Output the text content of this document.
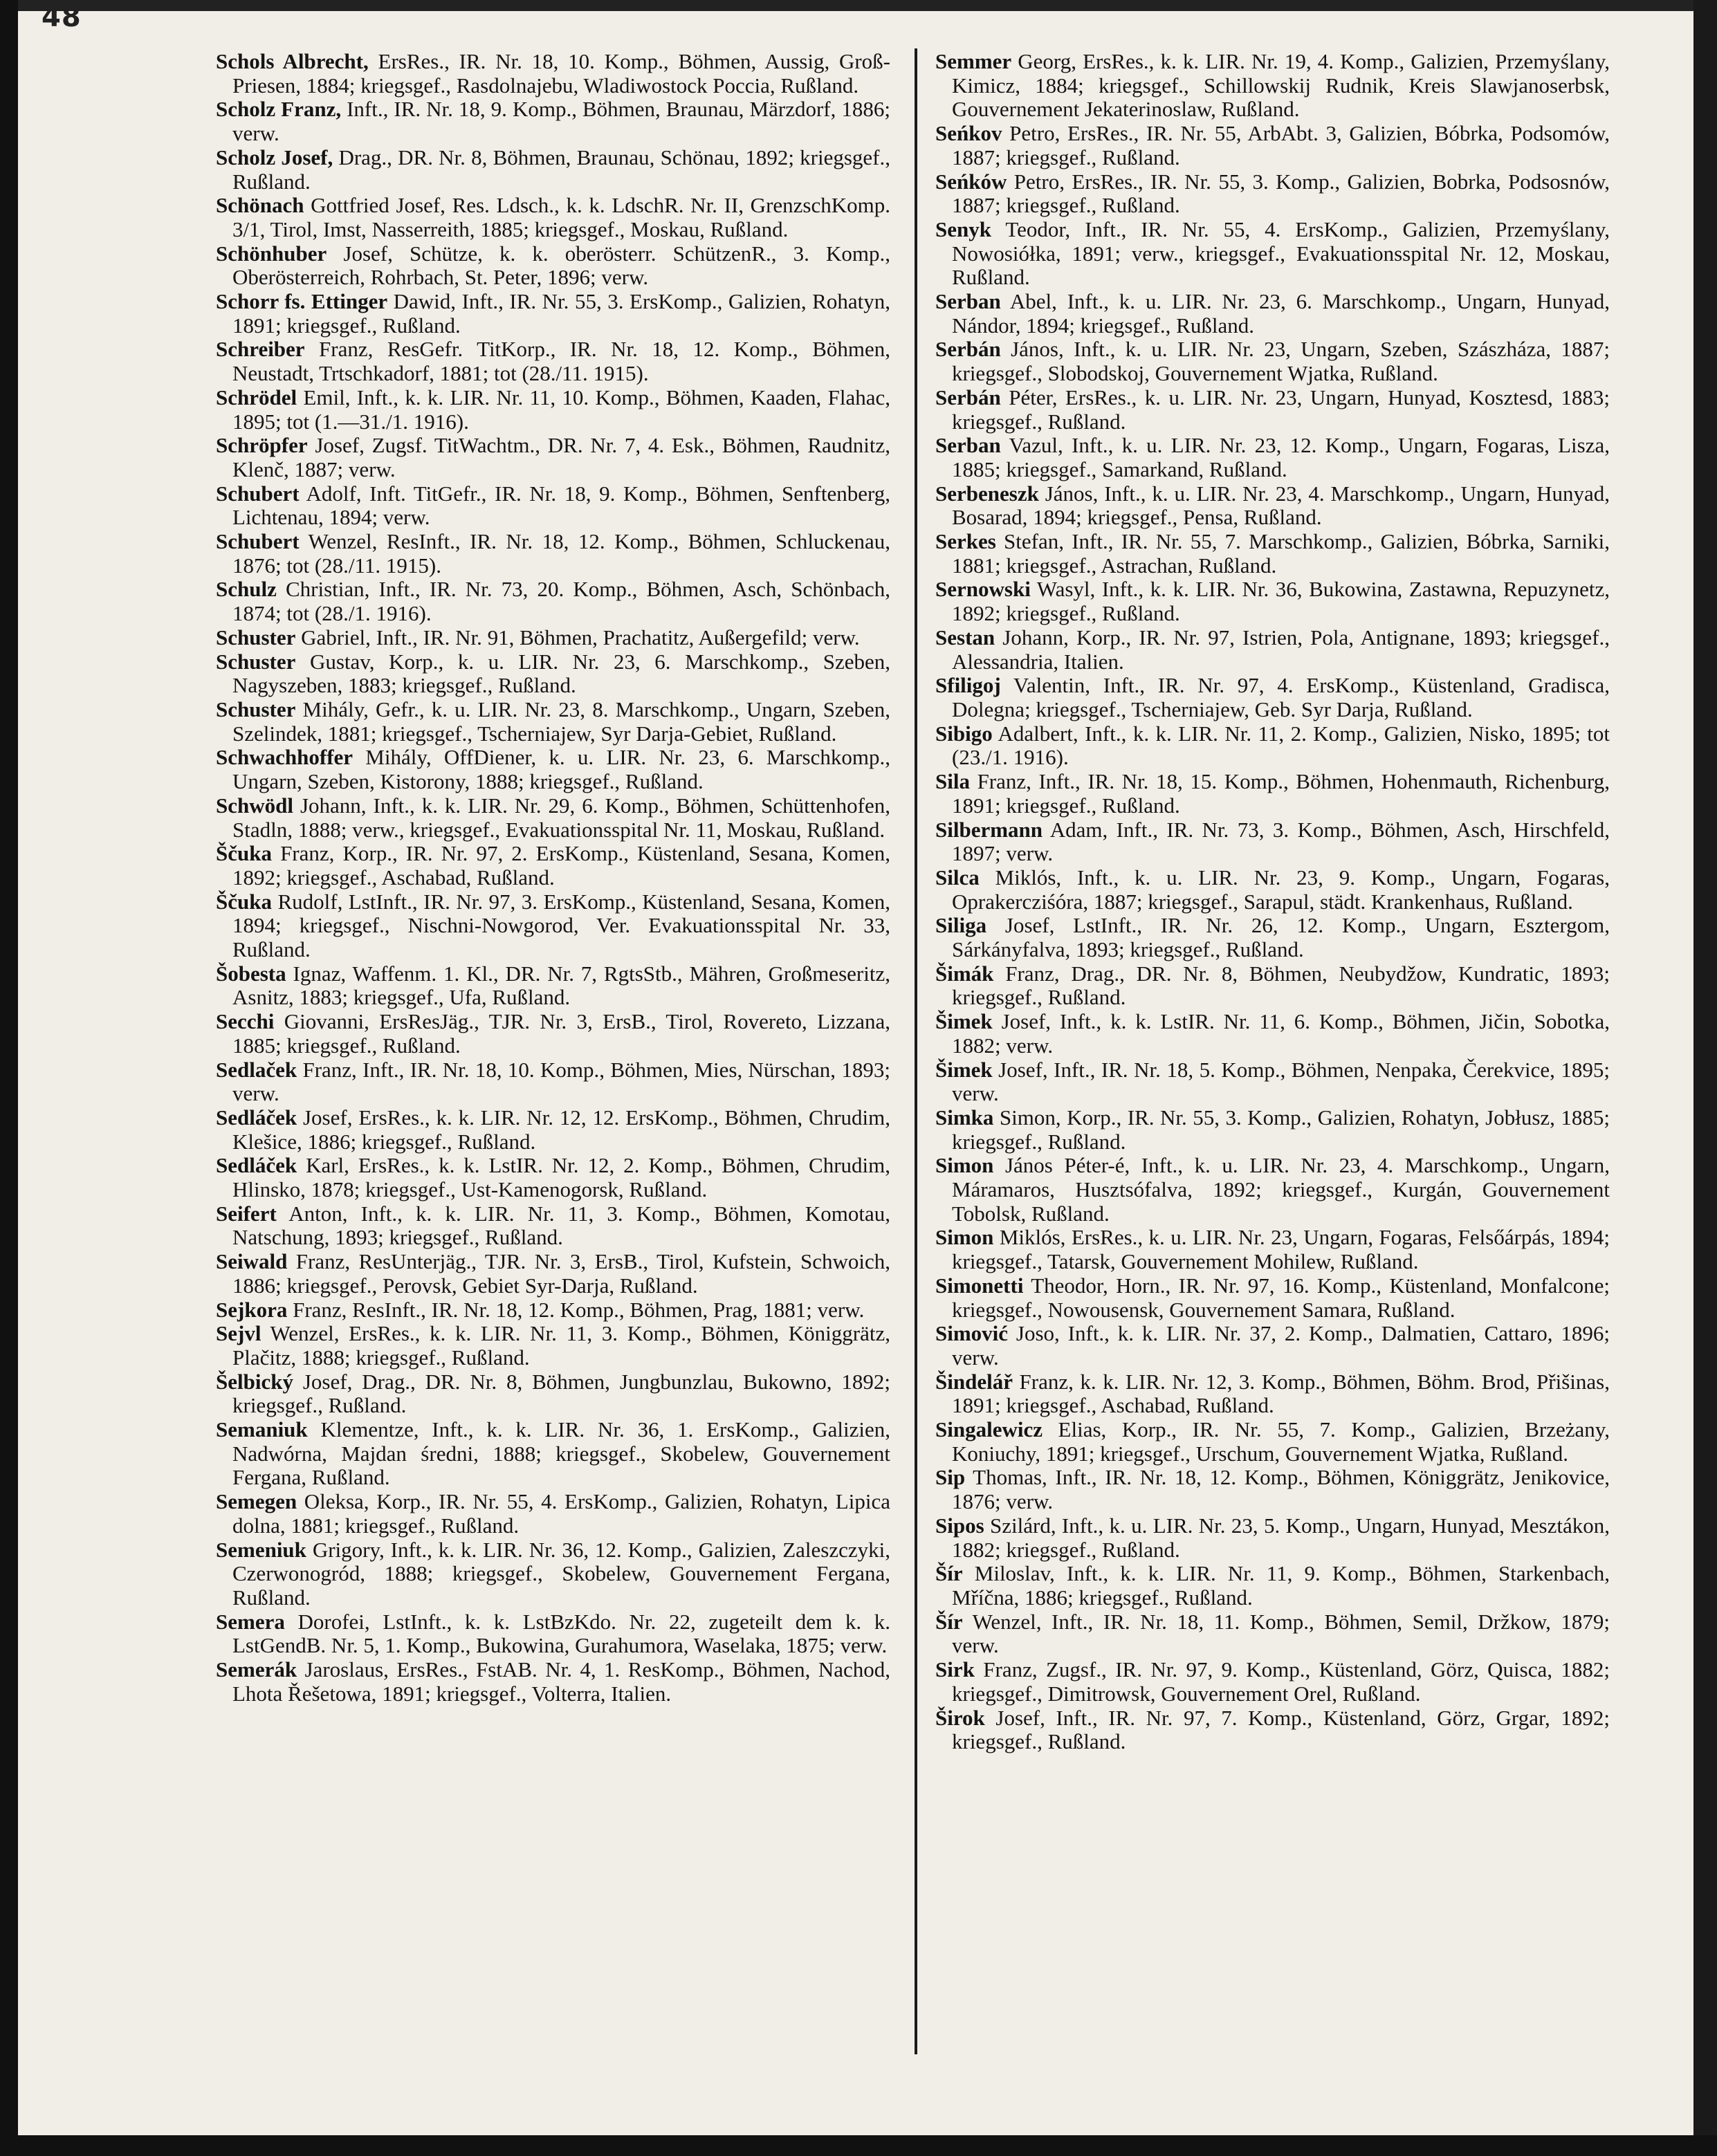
48
Schols Albrecht, ErsRes., IR. Nr. 18, 10. Komp., Böhmen, Aussig, Groß-Priesen, 1884; kriegsgef., Rasdolnajebu, Wladiwostock Poccia, Rußland.
Scholz Franz, Inft., IR. Nr. 18, 9. Komp., Böhmen, Braunau, Märzdorf, 1886; verw.
Scholz Josef, Drag., DR. Nr. 8, Böhmen, Braunau, Schönau, 1892; kriegsgef., Rußland.
Schönach Gottfried Josef, Res. Ldsch., k. k. LdschR. Nr. II, GrenzschKomp. 3/1, Tirol, Imst, Nasserreith, 1885; kriegsgef., Moskau, Rußland.
Schönhuber Josef, Schütze, k. k. oberösterr. SchützenR., 3. Komp., Oberösterreich, Rohrbach, St. Peter, 1896; verw.
Schorr fs. Ettinger Dawid, Inft., IR. Nr. 55, 3. ErsKomp., Galizien, Rohatyn, 1891; kriegsgef., Rußland.
Schreiber Franz, ResGefr. TitKorp., IR. Nr. 18, 12. Komp., Böhmen, Neustadt, Trtschkadorf, 1881; tot (28./11. 1915).
Schrödel Emil, Inft., k. k. LIR. Nr. 11, 10. Komp., Böhmen, Kaaden, Flahac, 1895; tot (1.—31./1. 1916).
Schröpfer Josef, Zugsf. TitWachtm., DR. Nr. 7, 4. Esk., Böhmen, Raudnitz, Klenč, 1887; verw.
Schubert Adolf, Inft. TitGefr., IR. Nr. 18, 9. Komp., Böhmen, Senftenberg, Lichtenau, 1894; verw.
Schubert Wenzel, ResInft., IR. Nr. 18, 12. Komp., Böhmen, Schluckenau, 1876; tot (28./11. 1915).
Schulz Christian, Inft., IR. Nr. 73, 20. Komp., Böhmen, Asch, Schönbach, 1874; tot (28./1. 1916).
Schuster Gabriel, Inft., IR. Nr. 91, Böhmen, Prachatitz, Außergefild; verw.
Schuster Gustav, Korp., k. u. LIR. Nr. 23, 6. Marschkomp., Szeben, Nagyszeben, 1883; kriegsgef., Rußland.
Schuster Mihály, Gefr., k. u. LIR. Nr. 23, 8. Marschkomp., Ungarn, Szeben, Szelindek, 1881; kriegsgef., Tscherniajew, Syr Darja-Gebiet, Rußland.
Schwachhoffer Mihály, OffDiener, k. u. LIR. Nr. 23, 6. Marschkomp., Ungarn, Szeben, Kistorony, 1888; kriegsgef., Rußland.
Schwödl Johann, Inft., k. k. LIR. Nr. 29, 6. Komp., Böhmen, Schüttenhofen, Stadln, 1888; verw., kriegsgef., Evakuationsspital Nr. 11, Moskau, Rußland.
Ščuka Franz, Korp., IR. Nr. 97, 2. ErsKomp., Küstenland, Sesana, Komen, 1892; kriegsgef., Aschabad, Rußland.
Ščuka Rudolf, LstInft., IR. Nr. 97, 3. ErsKomp., Küstenland, Sesana, Komen, 1894; kriegsgef., Nischni-Nowgorod, Ver. Evakuationsspital Nr. 33, Rußland.
Šobesta Ignaz, Waffenm. 1. Kl., DR. Nr. 7, RgtsStb., Mähren, Großmeseritz, Asnitz, 1883; kriegsgef., Ufa, Rußland.
Secchi Giovanni, ErsResJäg., TJR. Nr. 3, ErsB., Tirol, Rovereto, Lizzana, 1885; kriegsgef., Rußland.
Sedlaček Franz, Inft., IR. Nr. 18, 10. Komp., Böhmen, Mies, Nürschan, 1893; verw.
Sedláček Josef, ErsRes., k. k. LIR. Nr. 12, 12. ErsKomp., Böhmen, Chrudim, Klešice, 1886; kriegsgef., Rußland.
Sedláček Karl, ErsRes., k. k. LstIR. Nr. 12, 2. Komp., Böhmen, Chrudim, Hlinsko, 1878; kriegsgef., Ust-Kamenogorsk, Rußland.
Seifert Anton, Inft., k. k. LIR. Nr. 11, 3. Komp., Böhmen, Komotau, Natschung, 1893; kriegsgef., Rußland.
Seiwald Franz, ResUnterjäg., TJR. Nr. 3, ErsB., Tirol, Kufstein, Schwoich, 1886; kriegsgef., Perovsk, Gebiet Syr-Darja, Rußland.
Sejkora Franz, ResInft., IR. Nr. 18, 12. Komp., Böhmen, Prag, 1881; verw.
Sejvl Wenzel, ErsRes., k. k. LIR. Nr. 11, 3. Komp., Böhmen, Königgrätz, Plačitz, 1888; kriegsgef., Rußland.
Šelbický Josef, Drag., DR. Nr. 8, Böhmen, Jungbunzlau, Bukowno, 1892; kriegsgef., Rußland.
Semaniuk Klementze, Inft., k. k. LIR. Nr. 36, 1. ErsKomp., Galizien, Nadwórna, Majdan średni, 1888; kriegsgef., Skobelew, Gouvernement Fergana, Rußland.
Semegen Oleksa, Korp., IR. Nr. 55, 4. ErsKomp., Galizien, Rohatyn, Lipica dolna, 1881; kriegsgef., Rußland.
Semeniuk Grigory, Inft., k. k. LIR. Nr. 36, 12. Komp., Galizien, Zaleszczyki, Czerwonogród, 1888; kriegsgef., Skobelew, Gouvernement Fergana, Rußland.
Semera Dorofei, LstInft., k. k. LstBzKdo. Nr. 22, zugeteilt dem k. k. LstGendB. Nr. 5, 1. Komp., Bukowina, Gurahumora, Waselaka, 1875; verw.
Semerák Jaroslaus, ErsRes., FstAB. Nr. 4, 1. ResKomp., Böhmen, Nachod, Lhota Řešetowa, 1891; kriegsgef., Volterra, Italien.
Semmer Georg, ErsRes., k. k. LIR. Nr. 19, 4. Komp., Galizien, Przemyślany, Kimicz, 1884; kriegsgef., Schillowskij Rudnik, Kreis Slawjanoserbsk, Gouvernement Jekaterinoslaw, Rußland.
Seńkov Petro, ErsRes., IR. Nr. 55, ArbAbt. 3, Galizien, Bóbrka, Podsomów, 1887; kriegsgef., Rußland.
Seńków Petro, ErsRes., IR. Nr. 55, 3. Komp., Galizien, Bobrka, Podsosnów, 1887; kriegsgef., Rußland.
Senyk Teodor, Inft., IR. Nr. 55, 4. ErsKomp., Galizien, Przemyślany, Nowosiółka, 1891; verw., kriegsgef., Evakuationsspital Nr. 12, Moskau, Rußland.
Serban Abel, Inft., k. u. LIR. Nr. 23, 6. Marschkomp., Ungarn, Hunyad, Nándor, 1894; kriegsgef., Rußland.
Serbán János, Inft., k. u. LIR. Nr. 23, Ungarn, Szeben, Szászháza, 1887; kriegsgef., Slobodskoj, Gouvernement Wjatka, Rußland.
Serbán Péter, ErsRes., k. u. LIR. Nr. 23, Ungarn, Hunyad, Kosztesd, 1883; kriegsgef., Rußland.
Serban Vazul, Inft., k. u. LIR. Nr. 23, 12. Komp., Ungarn, Fogaras, Lisza, 1885; kriegsgef., Samarkand, Rußland.
Serbeneszk János, Inft., k. u. LIR. Nr. 23, 4. Marschkomp., Ungarn, Hunyad, Bosarad, 1894; kriegsgef., Pensa, Rußland.
Serkes Stefan, Inft., IR. Nr. 55, 7. Marschkomp., Galizien, Bóbrka, Sarniki, 1881; kriegsgef., Astrachan, Rußland.
Sernowski Wasyl, Inft., k. k. LIR. Nr. 36, Bukowina, Zastawna, Repuzynetz, 1892; kriegsgef., Rußland.
Sestan Johann, Korp., IR. Nr. 97, Istrien, Pola, Antignane, 1893; kriegsgef., Alessandria, Italien.
Sfiligoj Valentin, Inft., IR. Nr. 97, 4. ErsKomp., Küstenland, Gradisca, Dolegna; kriegsgef., Tscherniajew, Geb. Syr Darja, Rußland.
Sibigo Adalbert, Inft., k. k. LIR. Nr. 11, 2. Komp., Galizien, Nisko, 1895; tot (23./1. 1916).
Sila Franz, Inft., IR. Nr. 18, 15. Komp., Böhmen, Hohenmauth, Richenburg, 1891; kriegsgef., Rußland.
Silbermann Adam, Inft., IR. Nr. 73, 3. Komp., Böhmen, Asch, Hirschfeld, 1897; verw.
Silca Miklós, Inft., k. u. LIR. Nr. 23, 9. Komp., Ungarn, Fogaras, Oprakercziśóra, 1887; kriegsgef., Sarapul, städt. Krankenhaus, Rußland.
Siliga Josef, LstInft., IR. Nr. 26, 12. Komp., Ungarn, Esztergom, Sárkányfalva, 1893; kriegsgef., Rußland.
Šimák Franz, Drag., DR. Nr. 8, Böhmen, Neubydžow, Kundratic, 1893; kriegsgef., Rußland.
Šimek Josef, Inft., k. k. LstIR. Nr. 11, 6. Komp., Böhmen, Jičin, Sobotka, 1882; verw.
Šimek Josef, Inft., IR. Nr. 18, 5. Komp., Böhmen, Nenpaka, Čerekvice, 1895; verw.
Simka Simon, Korp., IR. Nr. 55, 3. Komp., Galizien, Rohatyn, Jobłusz, 1885; kriegsgef., Rußland.
Simon János Péter-é, Inft., k. u. LIR. Nr. 23, 4. Marschkomp., Ungarn, Máramaros, Husztsófalva, 1892; kriegsgef., Kurgán, Gouvernement Tobolsk, Rußland.
Simon Miklós, ErsRes., k. u. LIR. Nr. 23, Ungarn, Fogaras, Felsőárpás, 1894; kriegsgef., Tatarsk, Gouvernement Mohilew, Rußland.
Simonetti Theodor, Horn., IR. Nr. 97, 16. Komp., Küstenland, Monfalcone; kriegsgef., Nowousensk, Gouvernement Samara, Rußland.
Simović Joso, Inft., k. k. LIR. Nr. 37, 2. Komp., Dalmatien, Cattaro, 1896; verw.
Šindelář Franz, k. k. LIR. Nr. 12, 3. Komp., Böhmen, Böhm. Brod, Přišinas, 1891; kriegsgef., Aschabad, Rußland.
Singalewicz Elias, Korp., IR. Nr. 55, 7. Komp., Galizien, Brzeżany, Koniuchy, 1891; kriegsgef., Urschum, Gouvernement Wjatka, Rußland.
Sip Thomas, Inft., IR. Nr. 18, 12. Komp., Böhmen, Königgrätz, Jenikovice, 1876; verw.
Sipos Szilárd, Inft., k. u. LIR. Nr. 23, 5. Komp., Ungarn, Hunyad, Mesztákon, 1882; kriegsgef., Rußland.
Šír Miloslav, Inft., k. k. LIR. Nr. 11, 9. Komp., Böhmen, Starkenbach, Mříčna, 1886; kriegsgef., Rußland.
Šír Wenzel, Inft., IR. Nr. 18, 11. Komp., Böhmen, Semil, Držkow, 1879; verw.
Sirk Franz, Zugsf., IR. Nr. 97, 9. Komp., Küstenland, Görz, Quisca, 1882; kriegsgef., Dimitrowsk, Gouvernement Orel, Rußland.
Širok Josef, Inft., IR. Nr. 97, 7. Komp., Küstenland, Görz, Grgar, 1892; kriegsgef., Rußland.
